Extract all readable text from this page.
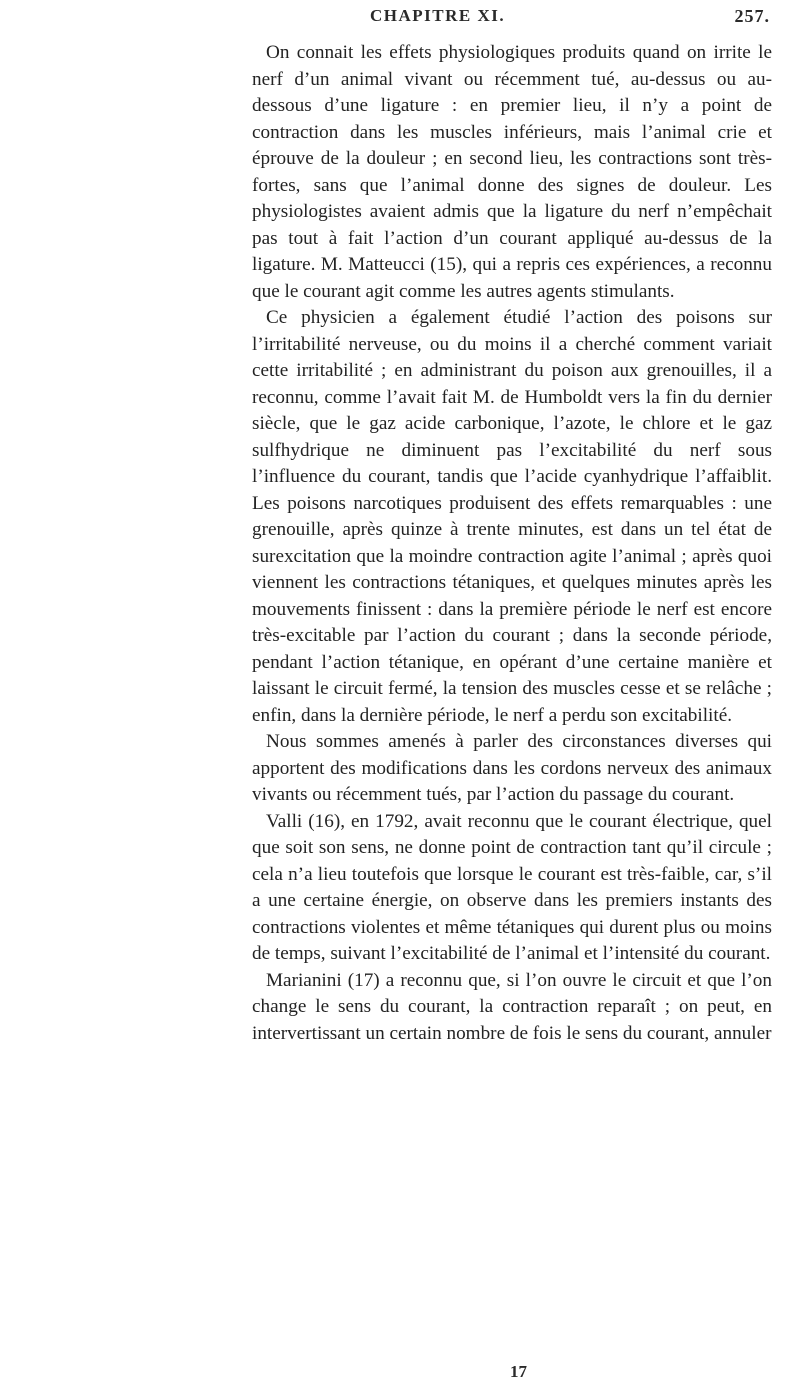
CHAPITRE XI.	257.

On connait les effets physiologiques produits quand on irrite le nerf d’un animal vivant ou récemment tué, au-dessus ou au-dessous d’une ligature : en premier lieu, il n’y a point de contraction dans les muscles inférieurs, mais l’animal crie et éprouve de la douleur ; en second lieu, les contractions sont très-fortes, sans que l’animal donne des signes de douleur. Les physiologistes avaient admis que la ligature du nerf n’empêchait pas tout à fait l’action d’un courant appliqué au-dessus de la ligature. M. Matteucci (15), qui a repris ces expériences, a reconnu que le courant agit comme les autres agents stimulants.

Ce physicien a également étudié l’action des poisons sur l’irritabilité nerveuse, ou du moins il a cherché comment variait cette irritabilité ; en administrant du poison aux grenouilles, il a reconnu, comme l’avait fait M. de Humboldt vers la fin du dernier siècle, que le gaz acide carbonique, l’azote, le chlore et le gaz sulfhydrique ne diminuent pas l’excitabilité du nerf sous l’influence du courant, tandis que l’acide cyanhydrique l’affaiblit. Les poisons narcotiques produisent des effets remarquables : une grenouille, après quinze à trente minutes, est dans un tel état de surexcitation que la moindre contraction agite l’animal ; après quoi viennent les contractions tétaniques, et quelques minutes après les mouvements finissent : dans la première période le nerf est encore très-excitable par l’action du courant ; dans la seconde période, pendant l’action tétanique, en opérant d’une certaine manière et laissant le circuit fermé, la tension des muscles cesse et se relâche ; enfin, dans la dernière période, le nerf a perdu son excitabilité.

Nous sommes amenés à parler des circonstances diverses qui apportent des modifications dans les cordons nerveux des animaux vivants ou récemment tués, par l’action du passage du courant.

Valli (16), en 1792, avait reconnu que le courant électrique, quel que soit son sens, ne donne point de contraction tant qu’il circule ; cela n’a lieu toutefois que lorsque le courant est très-faible, car, s’il a une certaine énergie, on observe dans les premiers instants des contractions violentes et même tétaniques qui durent plus ou moins de temps, suivant l’excitabilité de l’animal et l’intensité du courant.

Marianini (17) a reconnu que, si l’on ouvre le circuit et que l’on change le sens du courant, la contraction reparaît ; on peut, en intervertissant un certain nombre de fois le sens du courant, annuler

17
